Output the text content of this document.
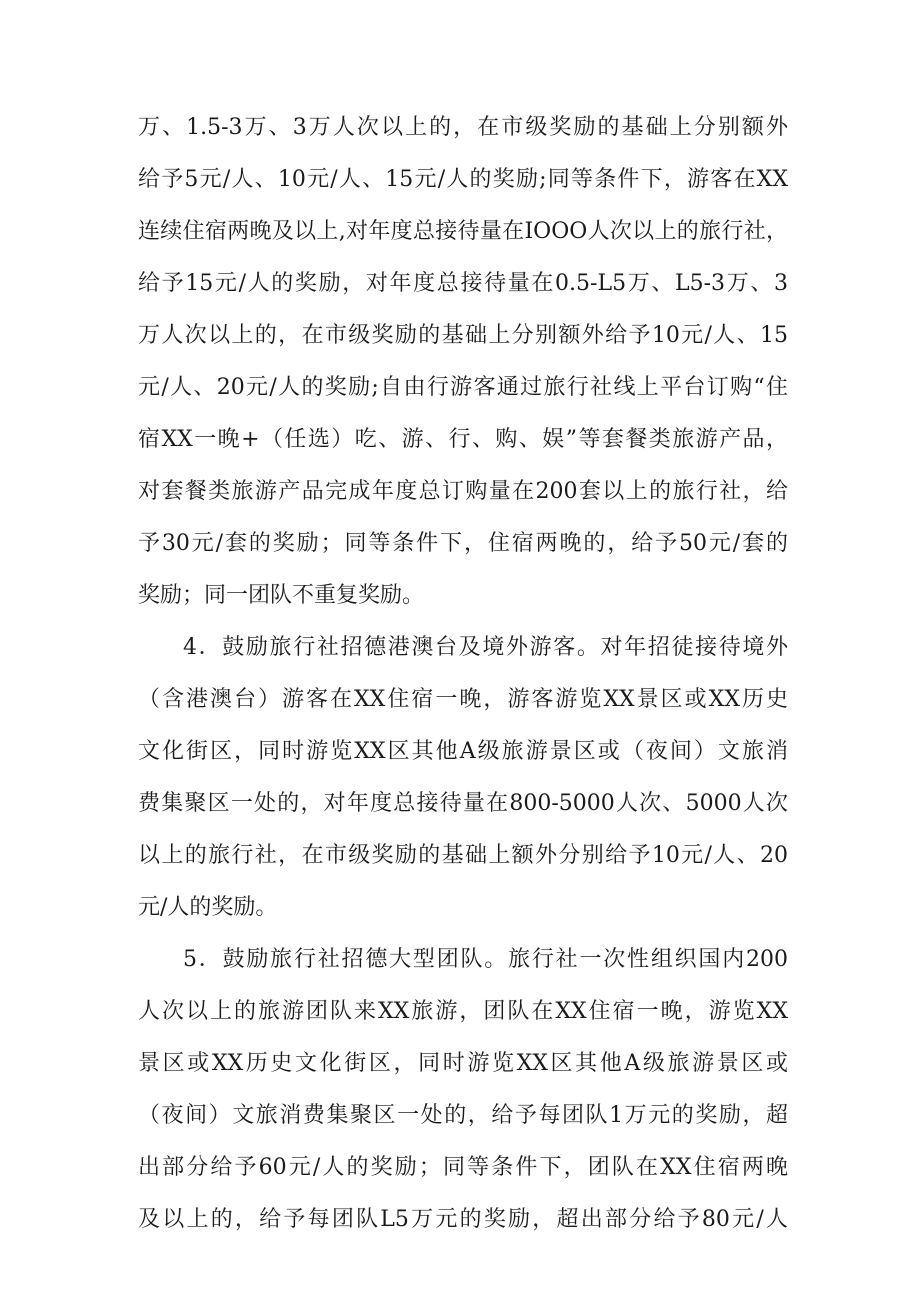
万、1.5-3万、3万人次以上的，在市级奖励的基础上分别额外
给予5元/人、10元/人、15元/人的奖励;同等条件下，游客在XX
连续住宿两晚及以上,对年度总接待量在IOOO人次以上的旅行社，
给予15元/人的奖励，对年度总接待量在0.5-L5万、L5-3万、3
万人次以上的，在市级奖励的基础上分别额外给予10元/人、15
元/人、20元/人的奖励;自由行游客通过旅行社线上平台订购“住
宿XX一晚+（任选）吃、游、行、购、娱”等套餐类旅游产品，
对套餐类旅游产品完成年度总订购量在200套以上的旅行社，给
予30元/套的奖励；同等条件下，住宿两晚的，给予50元/套的
奖励；同一团队不重复奖励。
4．鼓励旅行社招德港澳台及境外游客。对年招徒接待境外
（含港澳台）游客在XX住宿一晚，游客游览XX景区或XX历史
文化街区，同时游览XX区其他A级旅游景区或（夜间）文旅消
费集聚区一处的，对年度总接待量在800-5000人次、5000人次
以上的旅行社，在市级奖励的基础上额外分别给予10元/人、20
元/人的奖励。
5．鼓励旅行社招德大型团队。旅行社一次性组织国内200
人次以上的旅游团队来XX旅游，团队在XX住宿一晚，游览XX
景区或XX历史文化街区，同时游览XX区其他A级旅游景区或
（夜间）文旅消费集聚区一处的，给予每团队1万元的奖励，超
出部分给予60元/人的奖励；同等条件下，团队在XX住宿两晚
及以上的，给予每团队L5万元的奖励，超出部分给予80元/人
